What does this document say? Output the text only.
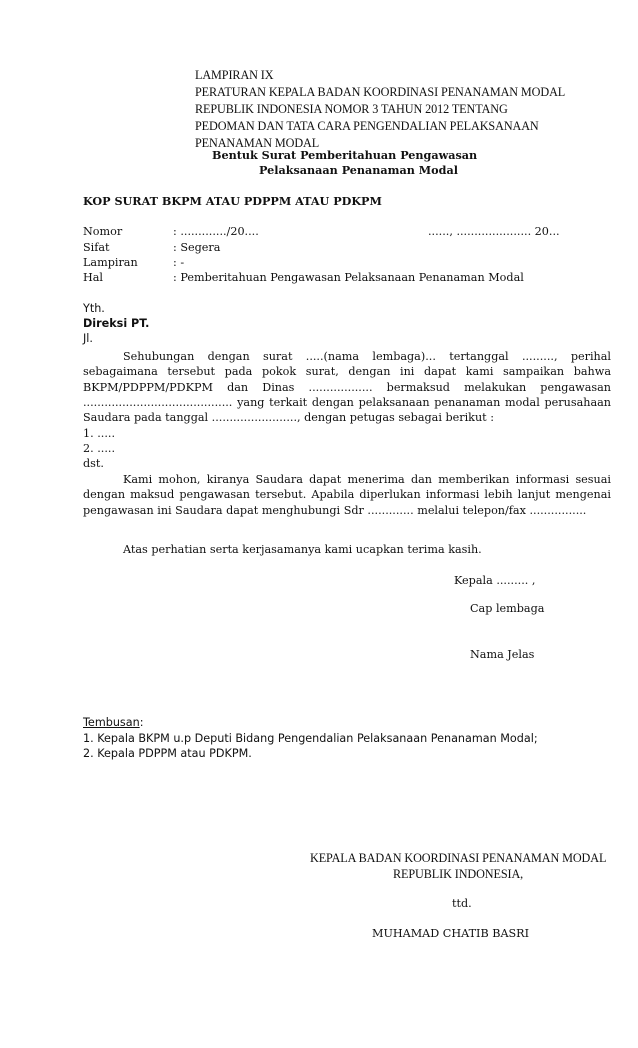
LAMPIRAN IX
PERATURAN KEPALA BADAN KOORDINASI PENANAMAN MODAL
REPUBLIK INDONESIA NOMOR 3 TAHUN 2012 TENTANG
PEDOMAN DAN TATA CARA PENGENDALIAN PELAKSANAAN
PENANAMAN MODAL
Bentuk Surat Pemberitahuan Pengawasan
Pelaksanaan Penanaman Modal
KOP SURAT BKPM ATAU PDPPM ATAU PDKPM
Nomor	: ............./20....	......, ..................... 20...
Sifat	: Segera
Lampiran	: -
Hal	: Pemberitahuan Pengawasan Pelaksanaan Penanaman Modal
Yth.
Direksi PT.
Jl.
Sehubungan dengan surat .....(nama lembaga)... tertanggal ........., perihal sebagaimana tersebut pada pokok surat, dengan ini dapat kami sampaikan bahwa BKPM/PDPPM/PDKPM dan Dinas .................. bermaksud melakukan pengawasan .......................................... yang terkait dengan pelaksanaan penanaman modal perusahaan Saudara pada tanggal ........................, dengan petugas sebagai berikut :
1. .....
2. .....
dst.
Kami mohon, kiranya Saudara dapat menerima dan memberikan informasi sesuai dengan maksud pengawasan tersebut. Apabila diperlukan informasi lebih lanjut mengenai pengawasan ini Saudara dapat menghubungi Sdr ............. melalui telepon/fax ................
Atas perhatian serta kerjasamanya kami ucapkan terima kasih.
Kepala ......... ,
Cap lembaga
Nama Jelas
Tembusan:
1. Kepala BKPM u.p Deputi Bidang Pengendalian Pelaksanaan Penanaman Modal;
2. Kepala PDPPM atau PDKPM.
KEPALA BADAN KOORDINASI PENANAMAN MODAL
REPUBLIK INDONESIA,
ttd.
MUHAMAD CHATIB BASRI
